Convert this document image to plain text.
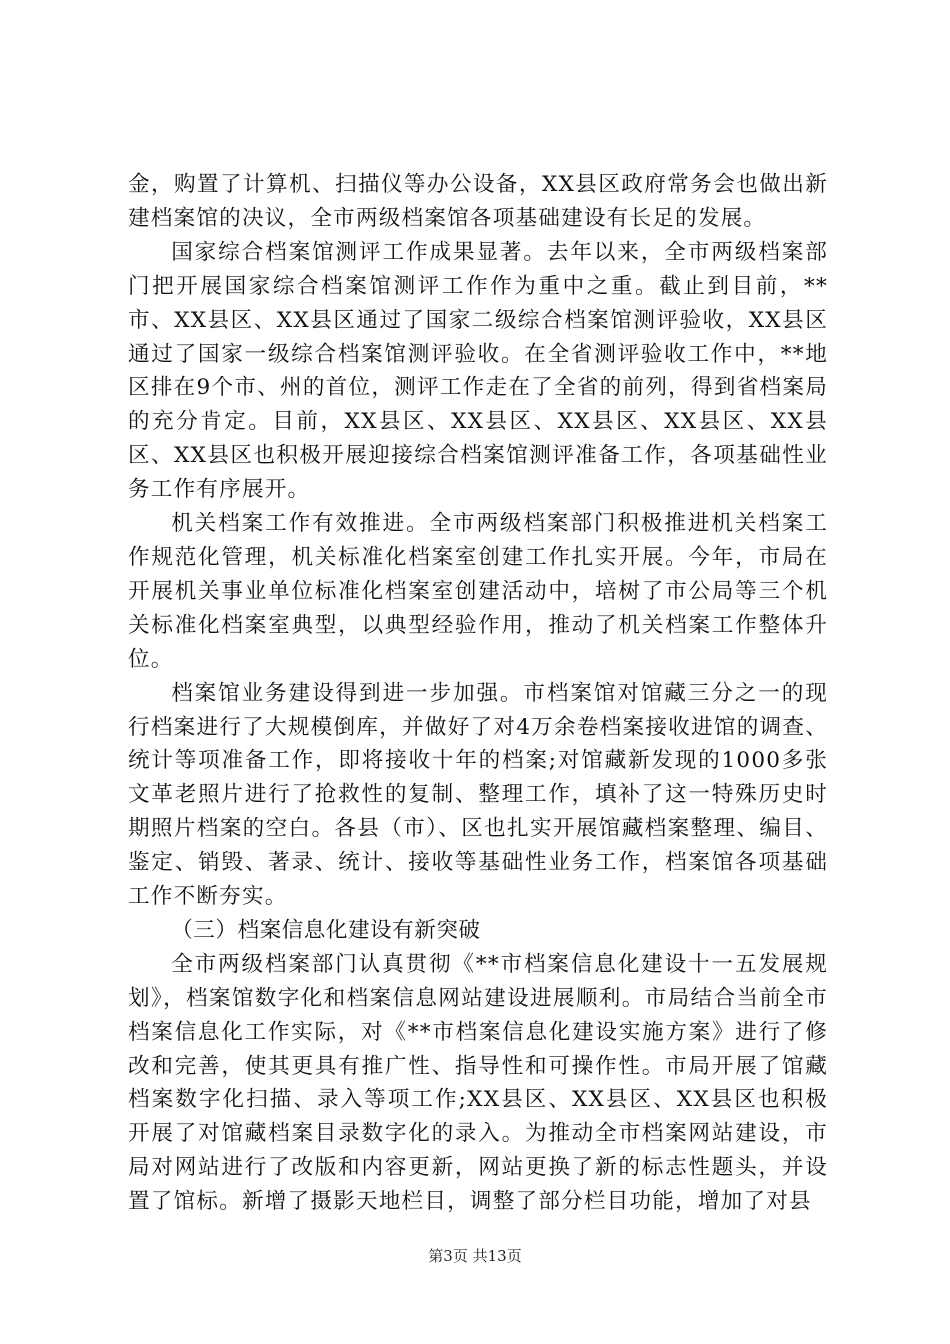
金，购置了计算机、扫描仪等办公设备，XX县区政府常务会也做出新建档案馆的决议，全市两级档案馆各项基础建设有长足的发展。

国家综合档案馆测评工作成果显著。去年以来，全市两级档案部门把开展国家综合档案馆测评工作作为重中之重。截止到目前，**市、XX县区、XX县区通过了国家二级综合档案馆测评验收，XX县区通过了国家一级综合档案馆测评验收。在全省测评验收工作中，**地区排在9个市、州的首位，测评工作走在了全省的前列，得到省档案局的充分肯定。目前，XX县区、XX县区、XX县区、XX县区、XX县区、XX县区也积极开展迎接综合档案馆测评准备工作，各项基础性业务工作有序展开。

机关档案工作有效推进。全市两级档案部门积极推进机关档案工作规范化管理，机关标准化档案室创建工作扎实开展。今年，市局在开展机关事业单位标准化档案室创建活动中，培树了市公局等三个机关标准化档案室典型，以典型经验作用，推动了机关档案工作整体升位。

档案馆业务建设得到进一步加强。市档案馆对馆藏三分之一的现行档案进行了大规模倒库，并做好了对4万余卷档案接收进馆的调查、统计等项准备工作，即将接收十年的档案;对馆藏新发现的1000多张文革老照片进行了抢救性的复制、整理工作，填补了这一特殊历史时期照片档案的空白。各县（市）、区也扎实开展馆藏档案整理、编目、鉴定、销毁、著录、统计、接收等基础性业务工作，档案馆各项基础工作不断夯实。

（三）档案信息化建设有新突破

全市两级档案部门认真贯彻《**市档案信息化建设十一五发展规划》，档案馆数字化和档案信息网站建设进展顺利。市局结合当前全市档案信息化工作实际，对《**市档案信息化建设实施方案》进行了修改和完善，使其更具有推广性、指导性和可操作性。市局开展了馆藏档案数字化扫描、录入等项工作;XX县区、XX县区、XX县区也积极开展了对馆藏档案目录数字化的录入。为推动全市档案网站建设，市局对网站进行了改版和内容更新，网站更换了新的标志性题头，并设置了馆标。新增了摄影天地栏目，调整了部分栏目功能，增加了对县

第3页 共13页
